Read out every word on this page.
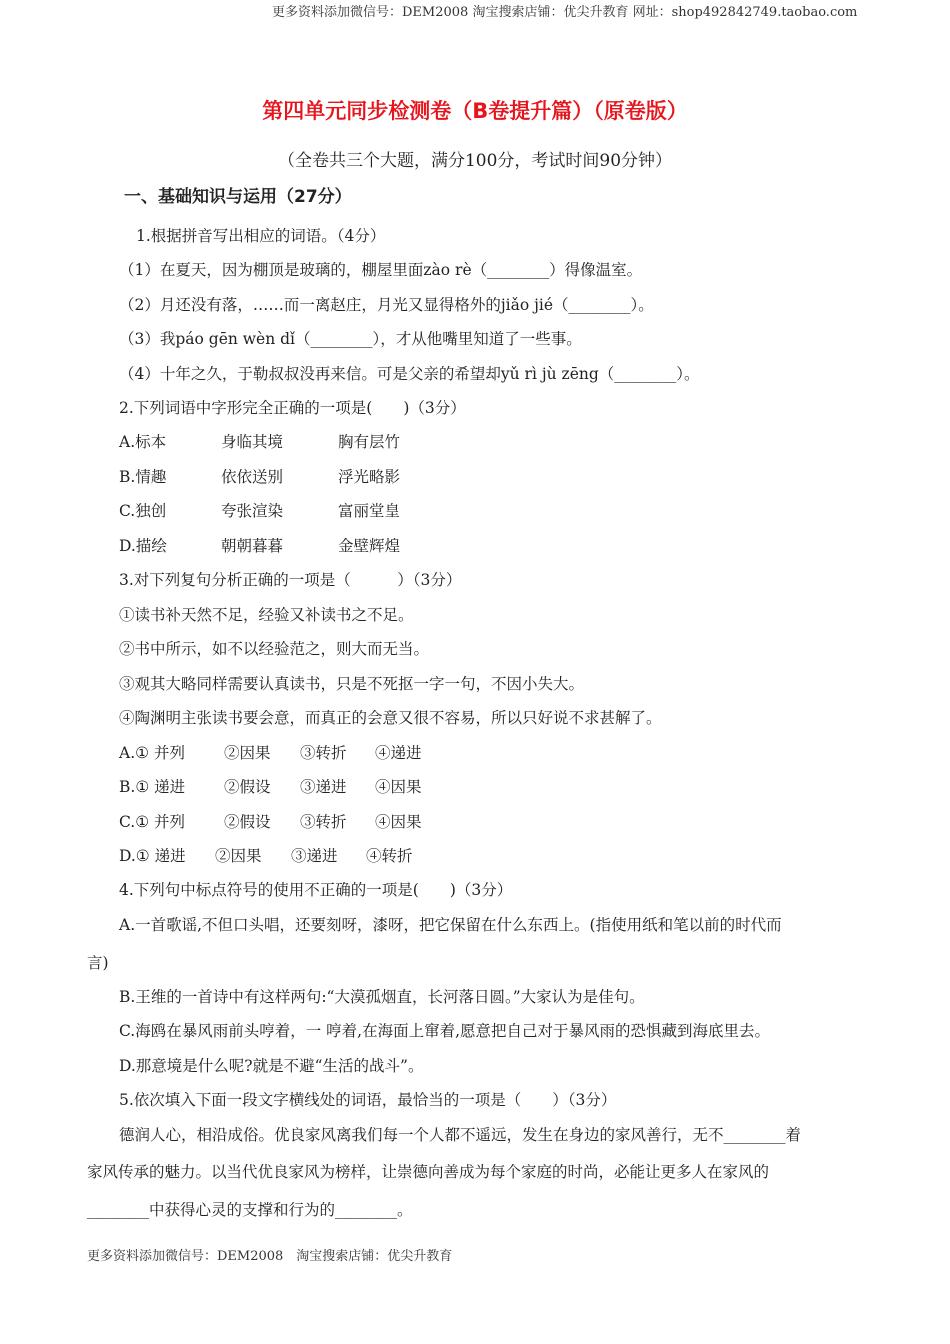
更多资料添加微信号：DEM2008 淘宝搜索店铺：优尖升教育 网址：shop492842749.taobao.com
第四单元同步检测卷（B卷提升篇）（原卷版）
（全卷共三个大题，满分100分，考试时间90分钟）
一、基础知识与运用（27分）
1.根据拼音写出相应的词语。（4分）
（1）在夏天，因为棚顶是玻璃的，棚屋里面zào rè（________）得像温室。
（2）月还没有落，……而一离赵庄，月光又显得格外的jiǎo jié（________）。
（3）我páo gēn wèn dǐ（________），才从他嘴里知道了一些事。
（4）十年之久，于勒叔叔没再来信。可是父亲的希望却yǔ rì jù zēng（________）。
2.下列词语中字形完全正确的一项是(　　)（3分）
A.标本	身临其境	胸有层竹
B.情趣	依依送别	浮光略影
C.独创	夸张渲染	富丽堂皇
D.描绘	朝朝暮暮	金壁辉煌
3.对下列复句分析正确的一项是（　　　）（3分）
①读书补天然不足，经验又补读书之不足。
②书中所示，如不以经验范之，则大而无当。
③观其大略同样需要认真读书，只是不死抠一字一句，不因小失大。
④陶渊明主张读书要会意，而真正的会意又很不容易，所以只好说不求甚解了。
A.① 并列	②因果 ③转折 ④递进
B.① 递进	②假设 ③递进 ④因果
C.① 并列	②假设 ③转折 ④因果
D.① 递进 ②因果 ③递进 ④转折
4.下列句中标点符号的使用不正确的一项是(　　)（3分）
A.一首歌谣,不但口头唱，还要刻呀，漆呀，把它保留在什么东西上。(指使用纸和笔以前的时代而
言)
B.王维的一首诗中有这样两句:“大漠孤烟直，长河落日圆。”大家认为是佳句。
C.海鸥在暴风雨前头哼着，一 哼着,在海面上窜着,愿意把自己对于暴风雨的恐惧藏到海底里去。
D.那意境是什么呢?就是不避“生活的战斗”。
5.依次填入下面一段文字横线处的词语，最恰当的一项是（　　）（3分）
德润人心，相沿成俗。优良家风离我们每一个人都不遥远，发生在身边的家风善行，无不________着
家风传承的魅力。以当代优良家风为榜样，让崇德向善成为每个家庭的时尚，必能让更多人在家风的
________中获得心灵的支撑和行为的________。
更多资料添加微信号：DEM2008　淘宝搜索店铺：优尖升教育
